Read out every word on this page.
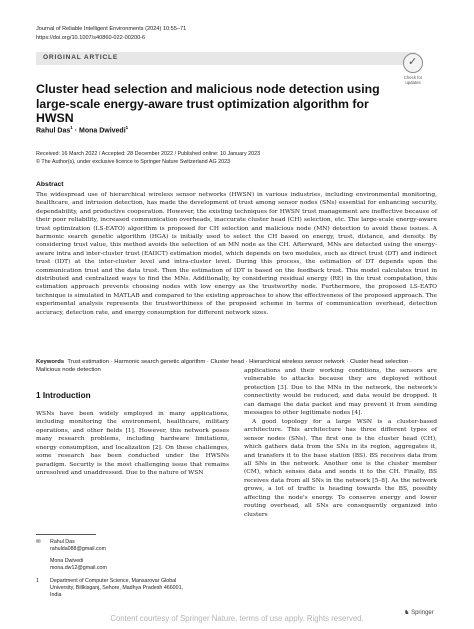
Journal of Reliable Intelligent Environments (2024) 10:55–71
https://doi.org/10.1007/s40860-022-00200-6
ORIGINAL ARTICLE	✓
Check for
updates
Cluster head selection and malicious node detection using large-scale energy-aware trust optimization algorithm for HWSN
Rahul Das$^1$ · Mona Dwivedi$^1$
Received: 16 March 2022 / Accepted: 28 December 2022 / Published online: 10 January 2023
© The Author(s), under exclusive licence to Springer Nature Switzerland AG 2023
Abstract
The widespread use of hierarchical wireless sensor networks (HWSN) in various industries, including environmental monitoring, healthcare, and intrusion detection, has made the development of trust among sensor nodes (SNs) essential for enhancing security, dependability, and productive cooperation. However, the existing techniques for HWSN trust management are ineffective because of their poor reliability, increased communication overheads, inaccurate cluster head (CH) selection, etc. The large-scale energy-aware trust optimization (LS-EATO) algorithm is proposed for CH selection and malicious node (MN) detection to avoid these issues. A harmonic search genetic algorithm (HGA) is initially used to select the CH based on energy, trust, distance, and density. By considering trust value, this method avoids the selection of an MN node as the CH. Afterward, MNs are detected using the energy-aware intra and inter-cluster trust (EAIICT) estimation model, which depends on two modules, such as direct trust (DT) and indirect trust (IDT) at the inter-cluster level and intra-cluster level. During this process, the estimation of DT depends upon the communication trust and the data trust. Then the estimation of IDT is based on the feedback trust. This model calculates trust in distributed and centralized ways to find the MNs. Additionally, by considering residual energy (RE) in the trust computation, this estimation approach prevents choosing nodes with low energy as the trustworthy node. Furthermore, the proposed LS-EATO technique is simulated in MATLAB and compared to the existing approaches to show the effectiveness of the proposed approach. The experimental analysis represents the trustworthiness of the proposed scheme in terms of communication overhead, detection accuracy, detection rate, and energy consumption for different network sizes.
Keywords Trust estimation · Harmonic search genetic algorithm · Cluster head · Hierarchical wireless sensor network · Cluster head selection · Malicious node detection
1 Introduction
WSNs have been widely employed in many applications, including monitoring the environment, healthcare, military operations, and other fields [1]. However, this network poses many research problems, including hardware limitations, energy consumption, and localization [2]. On these challenges, some research has been conducted under the HWSNs paradigm. Security is the most challenging issue that remains unresolved and unaddressed. Due to the nature of WSN

applications and their working conditions, the sensors are vulnerable to attacks because they are deployed without protection [3]. Due to the MNs in the network, the network's connectivity would be reduced, and data would be dropped. It can damage the data packet and may prevent it from sending messages to other legitimate nodes [4].

A good topology for a large WSN is a cluster-based architecture. This architecture has three different types of sensor nodes (SNs). The first one is the cluster head (CH), which gathers data from the SNs in its region, aggregates it, and transfers it to the base station (BS). BS receives data from all SNs in the network. Another one is the cluster member (CM), which senses data and sends it to the CH. Finally, BS receives data from all SNs in the network [5–8]. As the network grows, a lot of traffic is heading towards the BS, possibly affecting the node's energy. To conserve energy and lower routing overhead, all SNs are consequently organized into clusters

✉ Rahul Das
rahulda088@gmail.com
Mona Dwivedi
mona.dw12@gmail.com
1 Department of Computer Science, Mansarovar Global
University, Billkisganj, Sehore, Madhya Pradesh 466001,
India
♞ Springer
Content courtesy of Springer Nature, terms of use apply. Rights reserved.
